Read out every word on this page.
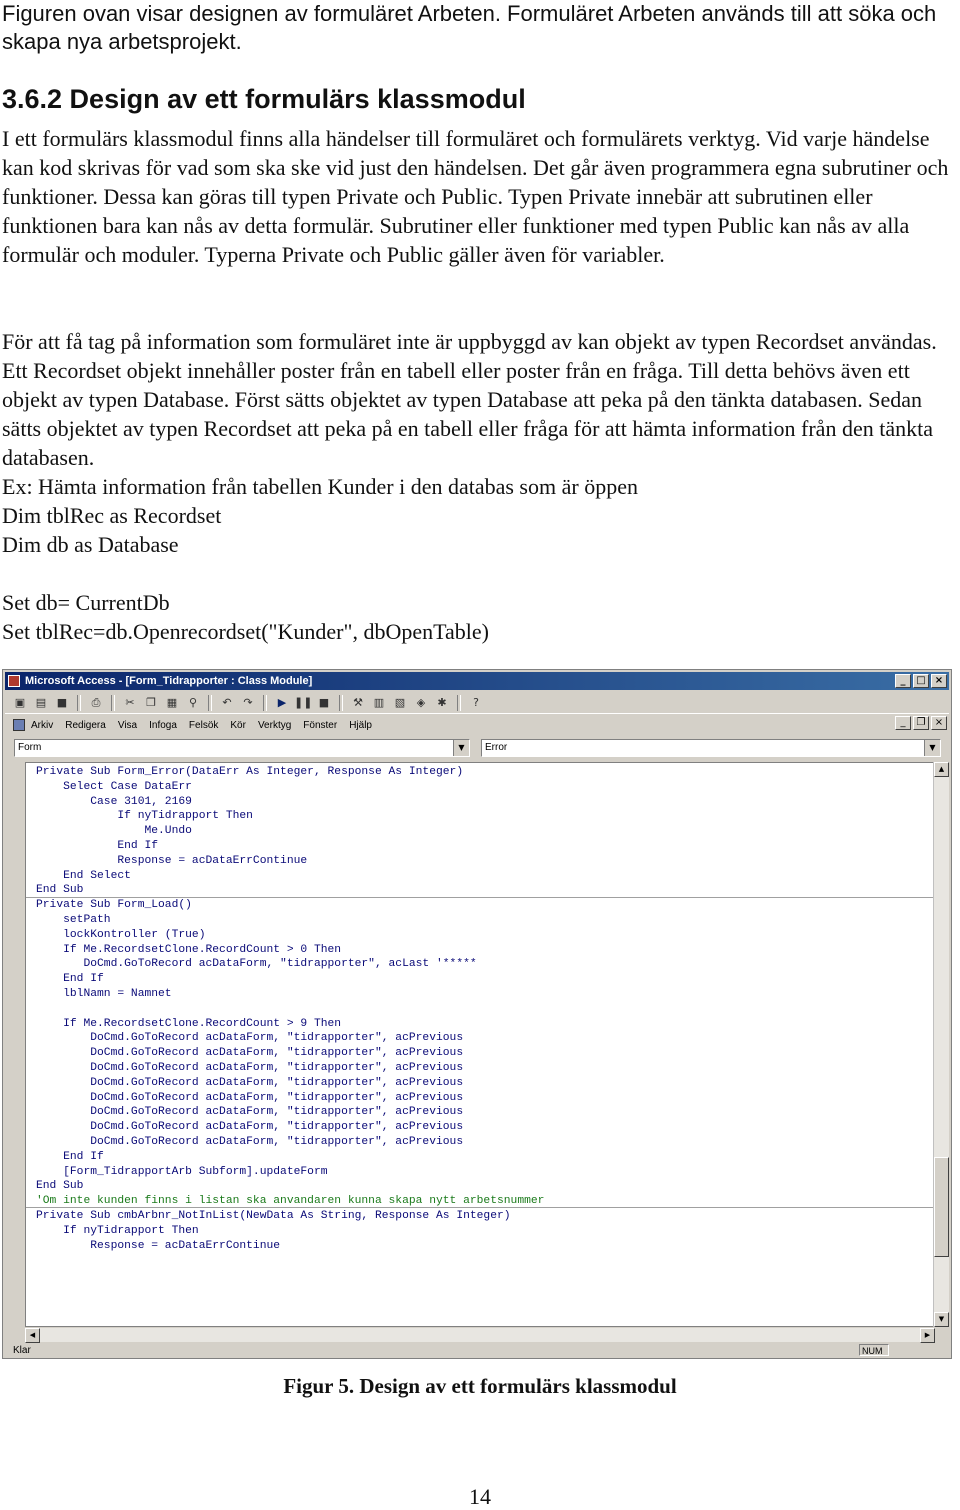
Figuren ovan visar designen av formuläret Arbeten. Formuläret Arbeten används till att söka och skapa nya arbetsprojekt.
3.6.2 Design av ett formulärs klassmodul

I ett formulärs klassmodul finns alla händelser till formuläret och formulärets verktyg. Vid varje händelse kan kod skrivas för vad som ska ske vid just den händelsen. Det går även programmera egna subrutiner och funktioner. Dessa kan göras till typen Private och Public. Typen Private innebär att subrutinen eller funktionen bara kan nås av detta formulär. Subrutiner eller funktioner med typen Public kan nås av alla formulär och moduler. Typerna Private och Public gäller även för variabler.

För att få tag på information som formuläret inte är uppbyggd av kan objekt av typen Recordset användas. Ett Recordset objekt innehåller poster från en tabell eller poster från en fråga. Till detta behövs även ett objekt av typen Database. Först sätts objektet av typen Database att peka på den tänkta databasen. Sedan sätts objektet av typen Recordset att peka på en tabell eller fråga för att hämta information från den tänkta databasen.

Ex: Hämta information från tabellen Kunder i den databas som är öppen
Dim tblRec as Recordset
Dim db as Database
Set db= CurrentDb
Set tblRec=db.Openrecordset("Kunder", dbOpenTable)
Microsoft Access - [Form_Tidrapporter : Class Module]	_	□ ×
▣ ▤ ■	⎙	✂	❐ ▦	⚲	↶	↷	▶ ❚❚ ■	⚒ ▥ ▧	◈	✱	?
Arkiv Redigera Visa Infoga Felsök Kör Verktyg Fönster Hjälp	_	❐ ×
Form	▼	Error	▼
Private Sub Form_Error(DataErr As Integer, Response As Integer)
Select Case DataErr
Case 3101, 2169
If nyTidrapport Then
Me.Undo
End If
Response = acDataErrContinue
End Select
End Sub
Private Sub Form_Load()
setPath
lockKontroller (True)
If Me.RecordsetClone.RecordCount > 0 Then
DoCmd.GoToRecord acDataForm, "tidrapporter", acLast '*****
End If
lblNamn = Namnet
If Me.RecordsetClone.RecordCount > 9 Then
DoCmd.GoToRecord acDataForm, "tidrapporter", acPrevious
DoCmd.GoToRecord acDataForm, "tidrapporter", acPrevious
DoCmd.GoToRecord acDataForm, "tidrapporter", acPrevious
DoCmd.GoToRecord acDataForm, "tidrapporter", acPrevious
DoCmd.GoToRecord acDataForm, "tidrapporter", acPrevious
DoCmd.GoToRecord acDataForm, "tidrapporter", acPrevious
DoCmd.GoToRecord acDataForm, "tidrapporter", acPrevious
DoCmd.GoToRecord acDataForm, "tidrapporter", acPrevious
End If
[Form_TidrapportArb Subform].updateForm
End Sub
'Om inte kunden finns i listan ska anvandaren kunna skapa nytt arbetsnummer
Private Sub cmbArbnr_NotInList(NewData As String, Response As Integer)
If nyTidrapport Then
Response = acDataErrContinue
▲
▼
◀	▶
Klar	NUM
Figur 5. Design av ett formulärs klassmodul
14
